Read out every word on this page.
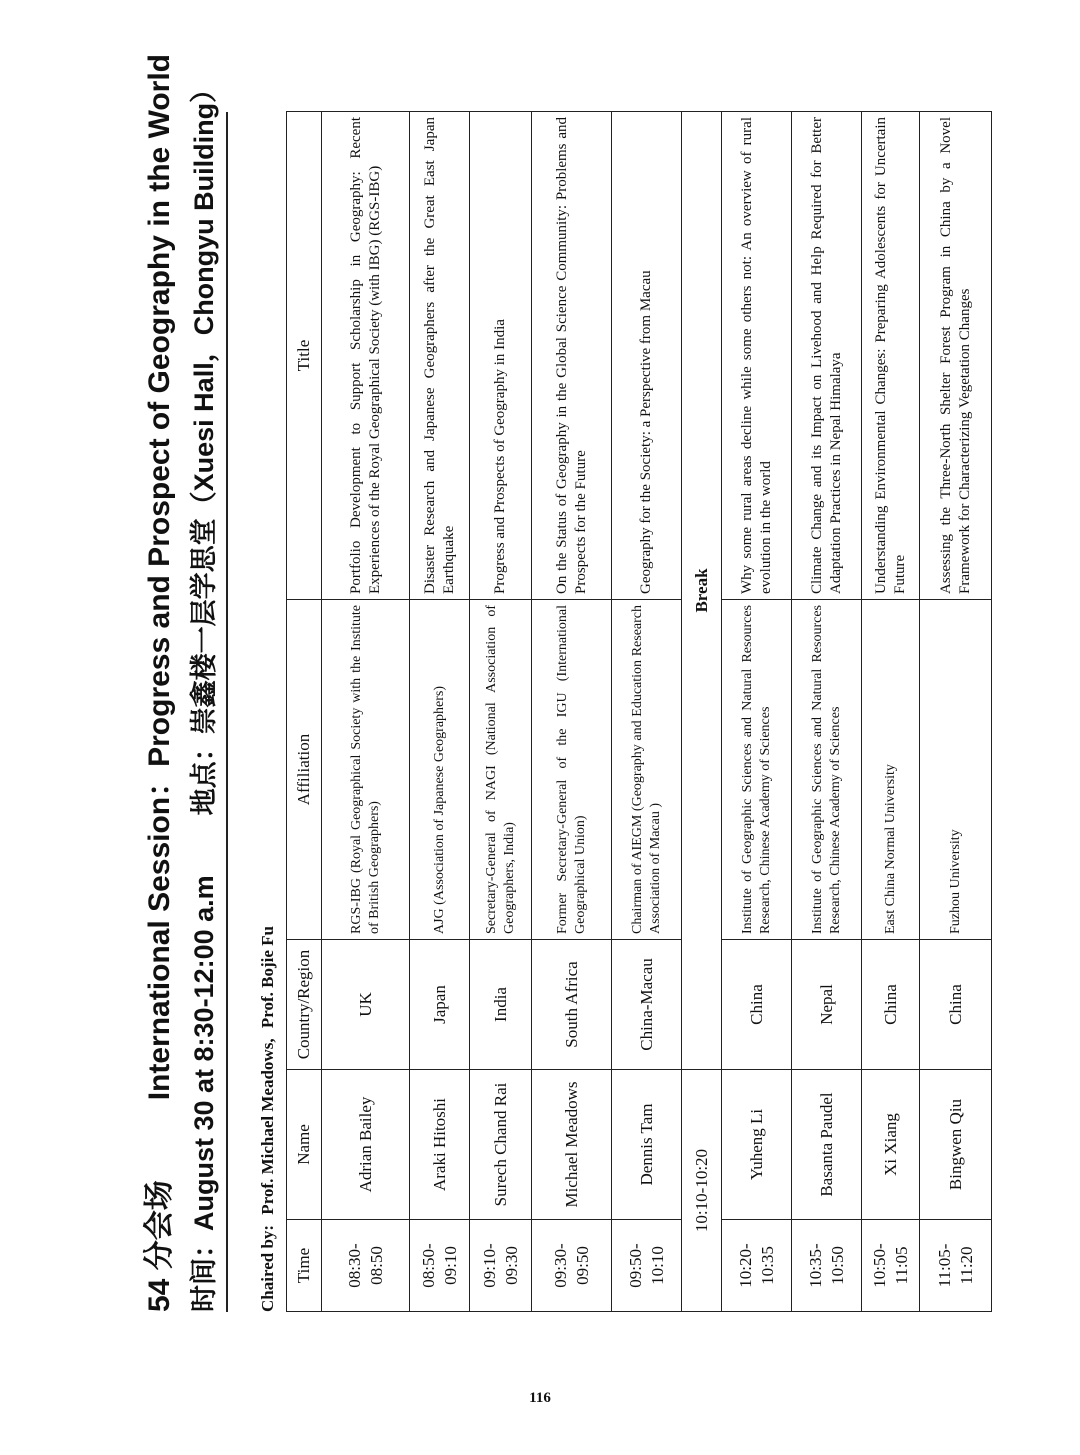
54 分会场
International Session：Progress and Prospect of Geography in the World 时间：August 30 at 8:30-12:00 a.m
地点：崇鑫楼一层学思堂（Xuesi Hall，Chongyu Building）
Chaired by: Prof. Michael Meadows, Prof. Bojie Fu
Time	Name	Country/Region	Affiliation	Title
08:30-08:50	Adrian Bailey	UK	RGS-IBG (Royal Geographical Society with the Institute of British Geographers)	Portfolio Development to Support Scholarship in Geography: Recent Experiences of the Royal Geographical Society (with IBG) (RGS-IBG)
08:50-09:10	Araki Hitoshi	Japan	AJG (Association of Japanese Geographers)	Disaster Research and Japanese Geographers after the Great East Japan Earthquake
09:10-09:30	Surech Chand Rai	India	Secretary-General of NAGI (National Association of Geographers, India)	Progress and Prospects of Geography in India
09:30-09:50	Michael Meadows	South Africa	Former Secretary-General of the IGU (International Geographical Union)	On the Status of Geography in the Global Science Community: Problems and Prospects for the Future
09:50-10:10	Dennis Tam	China-Macau	Chairman of AIEGM (Geography and Education Research Association of Macau )	Geography for the Society: a Perspective from Macau
10:10-10:20		Break		
10:20-10:35	Yuheng Li	China	Institute of Geographic Sciences and Natural Resources Research, Chinese Academy of Sciences	Why some rural areas decline while some others not: An overview of rural evolution in the world
10:35-10:50	Basanta Paudel	Nepal	Institute of Geographic Sciences and Natural Resources Research, Chinese Academy of Sciences	Climate Change and its Impact on Livehood and Help Required for Better Adaptation Practices in Nepal Himalaya
10:50-11:05	Xi Xiang	China	East China Normal University	Understanding Environmental Changes: Preparing Adolescents for Uncertain Future
11:05-11:20	Bingwen Qiu	China	Fuzhou University	Assessing the Three-North Shelter Forest Program in China by a Novel Framework for Characterizing Vegetation Changes
116
